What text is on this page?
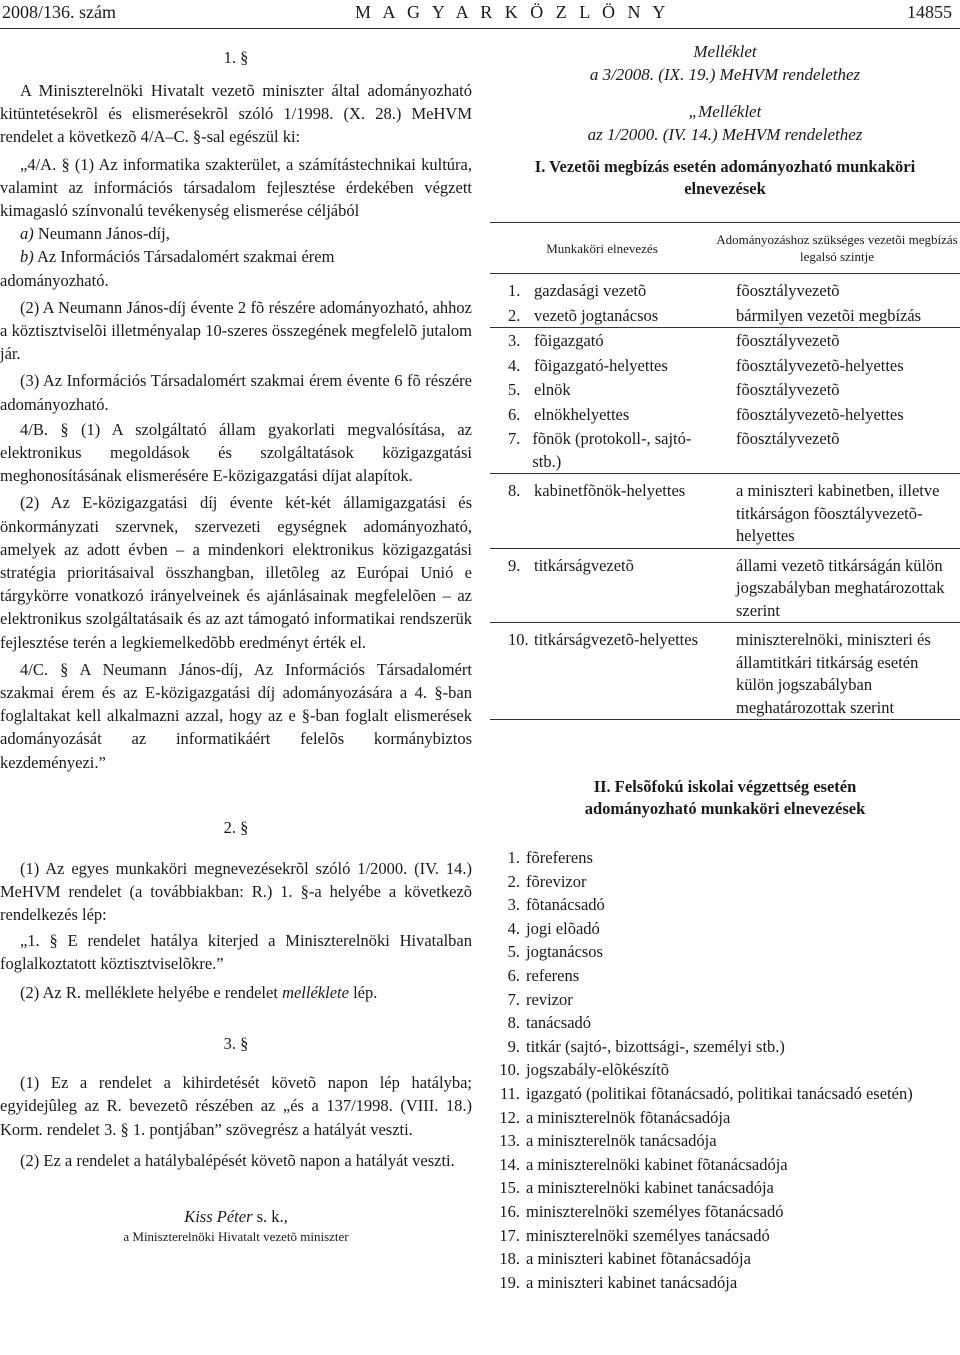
2008/136. szám	M A G Y A R K Ö Z L Ö N Y	14855
1. §

A Miniszterelnöki Hivatalt vezetõ miniszter által adományozható kitüntetésekrõl és elismerésekrõl szóló 1/1998. (X. 28.) MeHVM rendelet a következõ 4/A–C. §-sal egészül ki:

„4/A. § (1) Az informatika szakterület, a számítástechnikai kultúra, valamint az információs társadalom fejlesztése érdekében végzett kimagasló színvonalú tevékenység elismerése céljából

a) Neumann János-díj,

b) Az Információs Társadalomért szakmai érem

adományozható.

(2) A Neumann János-díj évente 2 fõ részére adományozható, ahhoz a köztisztviselõi illetményalap 10-szeres összegének megfelelõ jutalom jár.

(3) Az Információs Társadalomért szakmai érem évente 6 fõ részére adományozható.

4/B. § (1) A szolgáltató állam gyakorlati megvalósítása, az elektronikus megoldások és szolgáltatások közigazgatási meghonosításának elismerésére E-közigazgatási díjat alapítok.

(2) Az E-közigazgatási díj évente két-két államigazgatási és önkormányzati szervnek, szervezeti egységnek adományozható, amelyek az adott évben – a mindenkori elektronikus közigazgatási stratégia prioritásaival összhangban, illetõleg az Európai Unió e tárgykörre vonatkozó irányelveinek és ajánlásainak megfelelõen – az elektronikus szolgáltatásaik és az azt támogató informatikai rendszerük fejlesztése terén a legkiemelkedõbb eredményt érték el.

4/C. § A Neumann János-díj, Az Információs Társadalomért szakmai érem és az E-közigazgatási díj adományozására a 4. §-ban foglaltakat kell alkalmazni azzal, hogy az e §-ban foglalt elismerések adományozását az informatikáért felelõs kormánybiztos kezdeményezi.”

2. §

(1) Az egyes munkaköri megnevezésekrõl szóló 1/2000. (IV. 14.) MeHVM rendelet (a továbbiakban: R.) 1. §-a helyébe a következõ rendelkezés lép:

„1. § E rendelet hatálya kiterjed a Miniszterelnöki Hivatalban foglalkoztatott köztisztviselõkre.”

(2) Az R. melléklete helyébe e rendelet melléklete lép.

3. §

(1) Ez a rendelet a kihirdetését követõ napon lép hatályba; egyidejûleg az R. bevezetõ részében az „és a 137/1998. (VIII. 18.) Korm. rendelet 3. § 1. pontjában” szövegrész a hatályát veszti.

(2) Ez a rendelet a hatálybalépését követõ napon a hatályát veszti.

Kiss Péter s. k.,
a Miniszterelnöki Hivatalt vezetõ miniszter
Melléklet
a 3/2008. (IX. 19.) MeHVM rendelethez
„Melléklet
az 1/2000. (IV. 14.) MeHVM rendelethez
I. Vezetõi megbízás esetén adományozható munkaköri elnevezések
Munkaköri elnevezés	Adományozáshoz szükséges vezetõi megbízás legalsó szintje

1. gazdasági vezetõ	fõosztályvezetõ

2. vezetõ jogtanácsos	bármilyen vezetõi megbízás

3. fõigazgató	fõosztályvezetõ

4. fõigazgató-helyettes	fõosztályvezetõ-helyettes

5. elnök	fõosztályvezetõ

6. elnökhelyettes	fõosztályvezetõ-helyettes

7. fõnök (protokoll-, sajtó- stb.)	fõosztályvezetõ

8. kabinetfõnök-helyettes	a miniszteri kabinetben, illetve titkárságon fõosztályvezetõ-helyettes

9. titkárságvezetõ	állami vezetõ titkárságán külön jogszabályban meghatározottak szerint

10. titkárságvezetõ-helyettes	miniszterelnöki, miniszteri és államtitkári titkárság esetén külön jogszabályban meghatározottak szerint

II. Felsõfokú iskolai végzettség esetén adományozható munkaköri elnevezések
1. fõreferens
2. fõrevizor
3. fõtanácsadó
4. jogi elõadó
5. jogtanácsos
6. referens
7. revizor
8. tanácsadó
9. titkár (sajtó-, bizottsági-, személyi stb.)
10. jogszabály-elõkészítõ
11. igazgató (politikai fõtanácsadó, politikai tanácsadó esetén)
12. a miniszterelnök fõtanácsadója
13. a miniszterelnök tanácsadója
14. a miniszterelnöki kabinet fõtanácsadója
15. a miniszterelnöki kabinet tanácsadója
16. miniszterelnöki személyes fõtanácsadó
17. miniszterelnöki személyes tanácsadó
18. a miniszteri kabinet fõtanácsadója
19. a miniszteri kabinet tanácsadója
